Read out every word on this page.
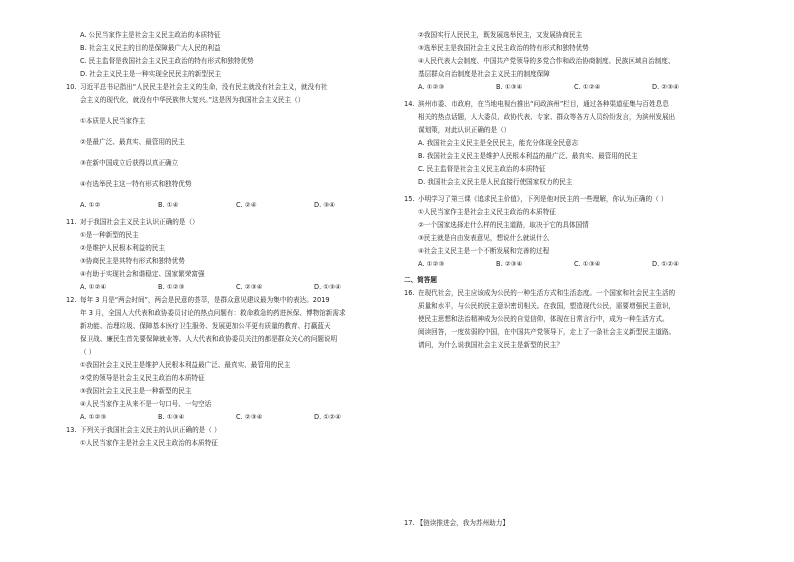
A. 公民当家作主是社会主义民主政治的本质特征
B. 社会主义民主的目的是保障最广大人民的利益
C. 民主监督是我国社会主义民主政治的特有形式和独特优势
D. 社会主义民主是一种实现全民民主的新型民主
10. 习近平总书记指出“人民民主是社会主义的生命，没有民主就没有社会主义，就没有社
会主义的现代化，就没有中华民族伟大复兴。”这是因为我国社会主义民主（）
①本质是人民当家作主
②是最广泛、最真实、最管用的民主
③在新中国成立后获得以真正确立
④有选举民主这一特有形式和独特优势
A. ①②	B. ①④	C. ②④	D. ③④
11. 对于我国社会主义民主认识正确的是（）
①是一种新型的民主
②是维护人民根本利益的民主
③协商民主是其特有形式和独特优势
④有助于实现社会和谐稳定、国家繁荣富强
A. ①②④	B. ①②③	C. ②③④	D. ①③④
12. 每年 3 月是“两会时间”，两会是民意的荟萃，是群众意见建议最为集中的表达。2019
年 3 月，全国人大代表和政协委员讨论的热点问题有：救命救急的药进医保、博物馆新需求
新功能、治理垃圾、保障基本医疗卫生服务、发展更加公平更有质量的教育、打赢蓝天
保卫战、廉民生首先要保障就业等。人大代表和政协委员关注的都是群众关心的问题说明
（ ）
①我国社会主义民主是维护人民根本利益最广泛、最真实、最管用的民主
②党的领导是社会主义民主政治的本质特征
③我国社会主义民主是一种新型的民主
④人民当家作主从来不是一句口号、一句空话
A. ①②③	B. ①③④	C. ②③④	D. ①②④
13. 下列关于我国社会主义民主的认识正确的是（ ）
①人民当家作主是社会主义民主政治的本质特征
②我国实行人民民主，既发展选举民主，又发展协商民主
③选举民主是我国社会主义民主政治的特有形式和独特优势
④人民代表大会制度、中国共产党领导的多党合作和政治协商制度、民族区域自治制度、
基层群众自治制度是社会主义民主的制度保障
A. ①②③	B. ①③④	C. ①②④	D. ②③④
14. 滨州市委、市政府，在当地电视台推出“问政滨州”栏目，通过各种渠道征集与百姓息息
相关的热点话题，人大委员、政协代表、专家、群众等各方人员纷纷发言，为滨州发展出
谋划策，对此认识正确的是（）
A. 我国社会主义民主是全民民主，能充分体现全民意志
B. 我国社会主义民主是维护人民根本利益的最广泛、最真实、最管用的民主
C. 民主监督是社会主义民主政治的本质特征
D. 我国社会主义民主是人民直接行使国家权力的民主
15. 小明学习了第三课《追求民主价值》，下列是他对民主的一些理解，你认为正确的（ ）
①人民当家作主是社会主义民主政治的本质特征
②一个国家选择走什么样的民主道路，取决于它的具体国情
③民主就是自由发表意见，想说什么就说什么
④社会主义民主是一个不断发展和完善的过程
A. ①②③	B. ②③④	C. ①③④	D. ①②④
二、简答题
16. 在现代社会，民主应该成为公民的一种生活方式和生活态度。一个国家和社会民主生活的
质量和水平，与公民的民主意识密切相关。在我国，塑造现代公民，需要增强民主意识，
使民主思想和法治精神成为公民的自觉信仰，体现在日常言行中，成为一种生活方式。
阅读回答，一度贫弱的中国，在中国共产党领导下，走上了一条社会主义新型民主道路。
请问，为什么说我国社会主义民主是新型的民主？
17. 【链读推进会，我为苏州助力】
